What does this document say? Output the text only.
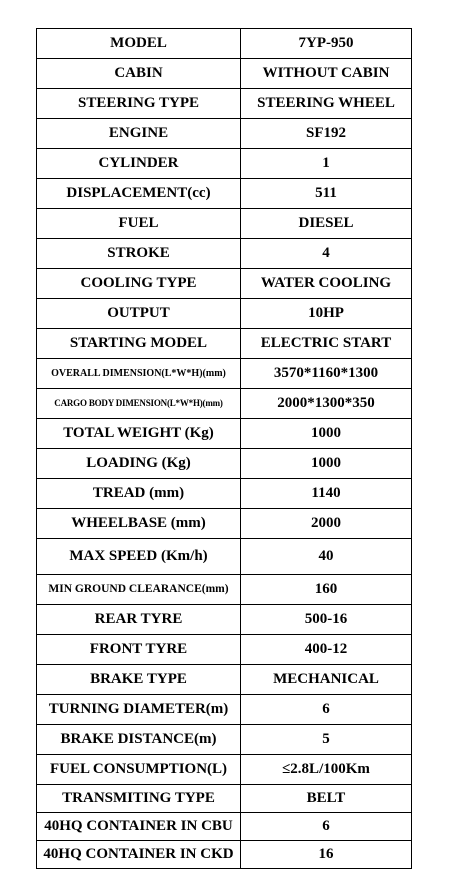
MODEL	7YP-950
CABIN	WITHOUT CABIN
STEERING TYPE	STEERING WHEEL
ENGINE	SF192
CYLINDER	1
DISPLACEMENT(cc)	511
FUEL	DIESEL
STROKE	4
COOLING TYPE	WATER COOLING
OUTPUT	10HP
STARTING MODEL	ELECTRIC START
OVERALL DIMENSION(L*W*H)(mm)	3570*1160*1300
CARGO BODY DIMENSION(L*W*H)(mm)	2000*1300*350
TOTAL WEIGHT (Kg)	1000
LOADING (Kg)	1000
TREAD (mm)	1140
WHEELBASE (mm)	2000
MAX SPEED (Km/h)	40
MIN GROUND CLEARANCE(mm)	160
REAR TYRE	500-16
FRONT TYRE	400-12
BRAKE TYPE	MECHANICAL
TURNING DIAMETER(m)	6
BRAKE DISTANCE(m)	5
FUEL CONSUMPTION(L)	≤2.8L/100Km
TRANSMITING TYPE	BELT
40HQ CONTAINER IN CBU	6
40HQ CONTAINER IN CKD	16
